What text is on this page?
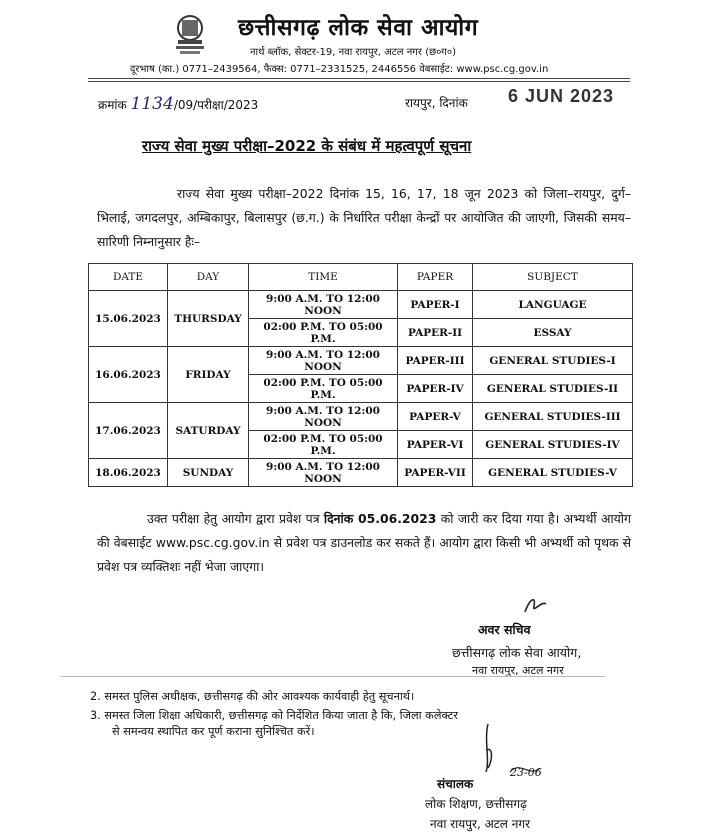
छत्तीसगढ़ लोक सेवा आयोग
नार्थ ब्लॉक, सेक्टर-19, नवा रायपुर, अटल नगर (छ०ग०)
दूरभाष (का.) 0771–2439564, फैक्स: 0771–2331525, 2446556 वेबसाईट: www.psc.cg.gov.in
क्रमांक 1134/09/परीक्षा/2023	रायपुर, दिनांक 6 JUN 2023
राज्य सेवा मुख्य परीक्षा–2022 के संबंध में महत्वपूर्ण सूचना
राज्य सेवा मुख्य परीक्षा–2022 दिनांक 15, 16, 17, 18 जून 2023 को जिला–रायपुर, दुर्ग–भिलाई, जगदलपुर, अम्बिकापुर, बिलासपुर (छ.ग.) के निर्धारित परीक्षा केन्द्रों पर आयोजित की जाएगी, जिसकी समय–सारिणी निम्नानुसार हैः–
DATE	DAY	TIME	PAPER	SUBJECT
15.06.2023	THURSDAY	9:00 A.M. TO 12:00 NOON	PAPER-I	LANGUAGE
		02:00 P.M. TO 05:00 P.M.	PAPER-II	ESSAY
16.06.2023	FRIDAY	9:00 A.M. TO 12:00 NOON	PAPER-III	GENERAL STUDIES-I
		02:00 P.M. TO 05:00 P.M.	PAPER-IV	GENERAL STUDIES-II
17.06.2023	SATURDAY	9:00 A.M. TO 12:00 NOON	PAPER-V	GENERAL STUDIES-III
		02:00 P.M. TO 05:00 P.M.	PAPER-VI	GENERAL STUDIES-IV
18.06.2023	SUNDAY	9:00 A.M. TO 12:00 NOON	PAPER-VII	GENERAL STUDIES-V
उक्त परीक्षा हेतु आयोग द्वारा प्रवेश पत्र दिनांक 05.06.2023 को जारी कर दिया गया है। अभ्यर्थी आयोग की वेबसाईट www.psc.cg.gov.in से प्रवेश पत्र डाउनलोड कर सकते हैं। आयोग द्वारा किसी भी अभ्यर्थी को पृथक से प्रवेश पत्र व्यक्तिशः नहीं भेजा जाएगा।
अवर सचिव
छत्तीसगढ़ लोक सेवा आयोग,
नवा रायपुर, अटल नगर
2. समस्त पुलिस अधीक्षक, छत्तीसगढ़ की ओर आवश्यक कार्यवाही हेतु सूचनार्थ।
3. समस्त जिला शिक्षा अधिकारी, छत्तीसगढ़ को निर्देशित किया जाता है कि, जिला कलेक्टर
से समन्वय स्थापित कर पूर्ण कराना सुनिश्चित करें।
23-06
संचालक
लोक शिक्षण, छत्तीसगढ़
नवा रायपुर, अटल नगर
